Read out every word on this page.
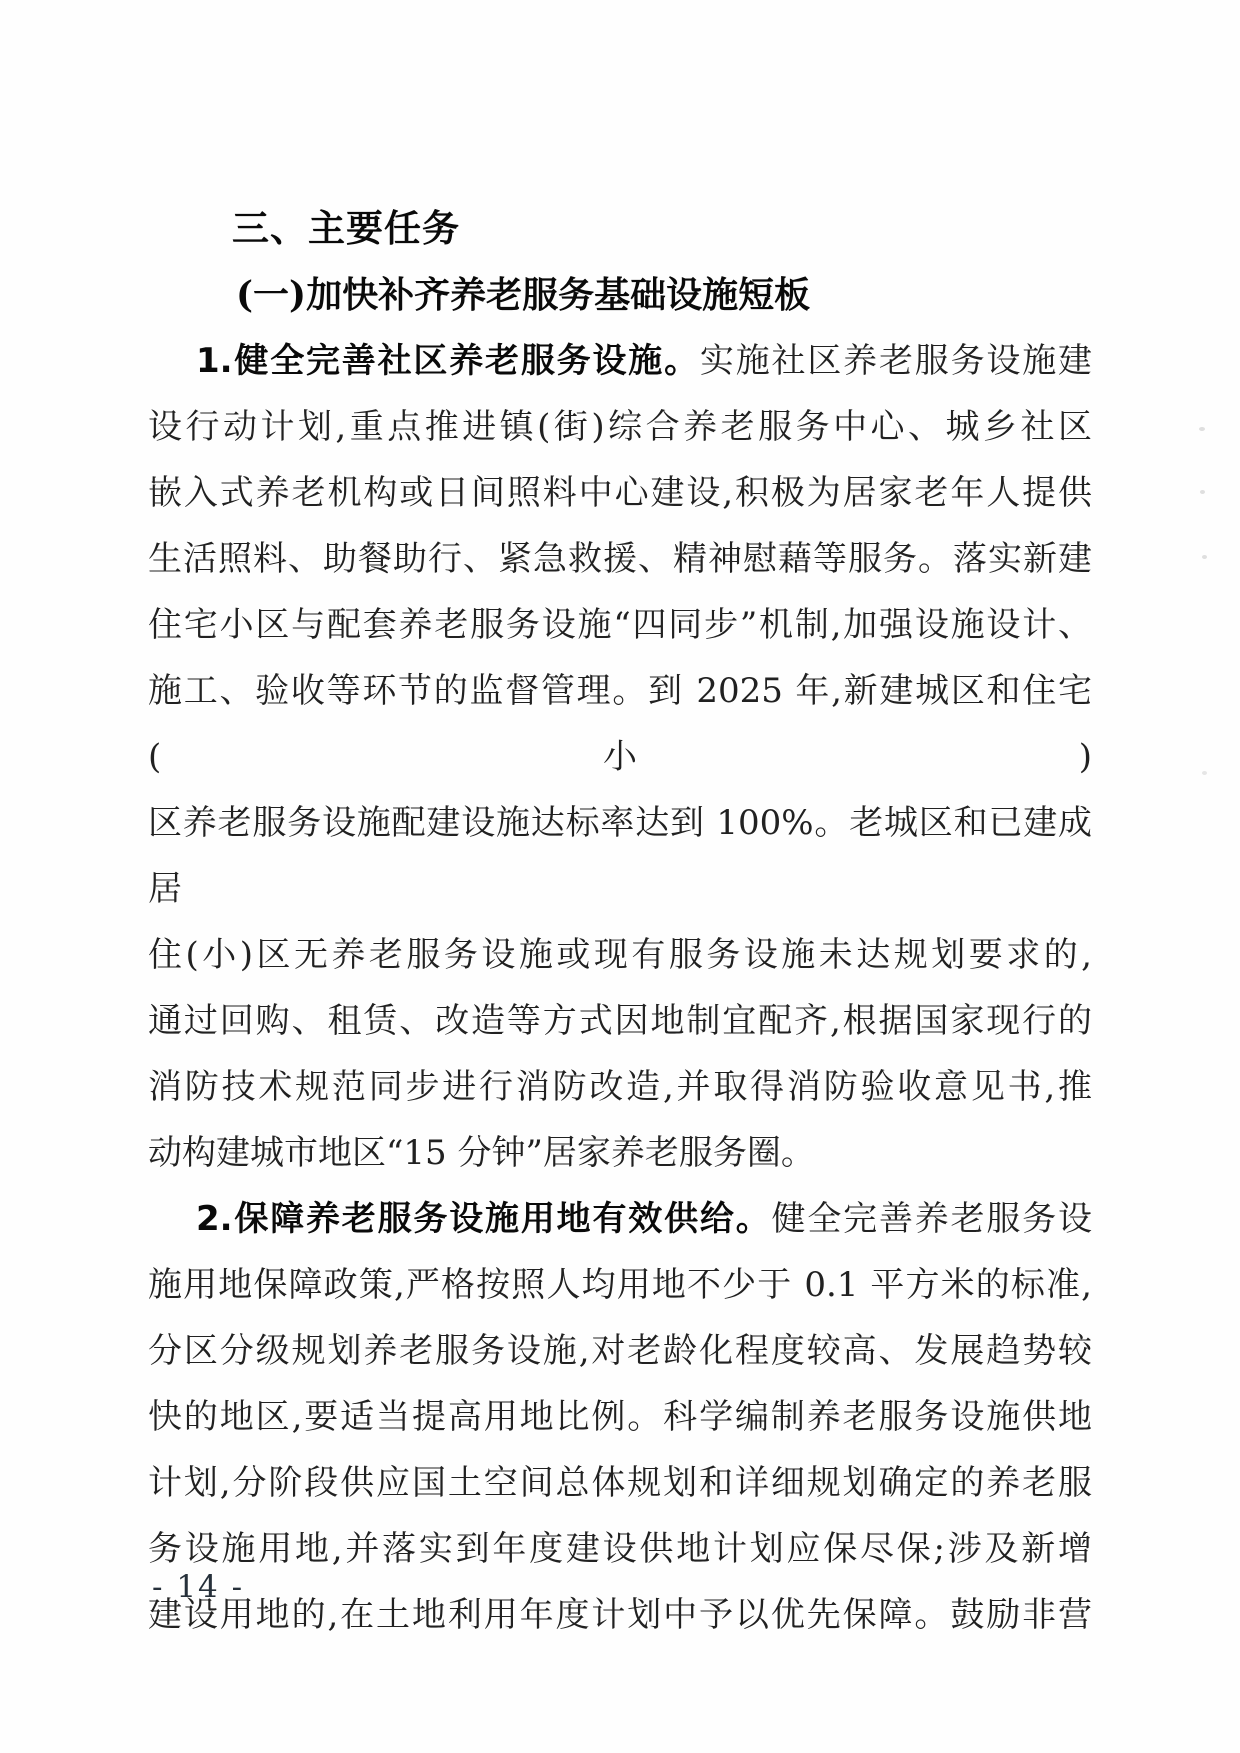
三、主要任务
(一)加快补齐养老服务基础设施短板
1.健全完善社区养老服务设施。实施社区养老服务设施建
设行动计划,重点推进镇(街)综合养老服务中心、城乡社区
嵌入式养老机构或日间照料中心建设,积极为居家老年人提供
生活照料、助餐助行、紧急救援、精神慰藉等服务。落实新建
住宅小区与配套养老服务设施“四同步”机制,加强设施设计、
施工、验收等环节的监督管理。到 2025 年,新建城区和住宅(小)
区养老服务设施配建设施达标率达到 100%。老城区和已建成居
住(小)区无养老服务设施或现有服务设施未达规划要求的,
通过回购、租赁、改造等方式因地制宜配齐,根据国家现行的
消防技术规范同步进行消防改造,并取得消防验收意见书,推
动构建城市地区“15 分钟”居家养老服务圈。
2.保障养老服务设施用地有效供给。健全完善养老服务设
施用地保障政策,严格按照人均用地不少于 0.1 平方米的标准,
分区分级规划养老服务设施,对老龄化程度较高、发展趋势较
快的地区,要适当提高用地比例。科学编制养老服务设施供地
计划,分阶段供应国土空间总体规划和详细规划确定的养老服
务设施用地,并落实到年度建设供地计划应保尽保;涉及新增
建设用地的,在土地利用年度计划中予以优先保障。鼓励非营
- 14 -
